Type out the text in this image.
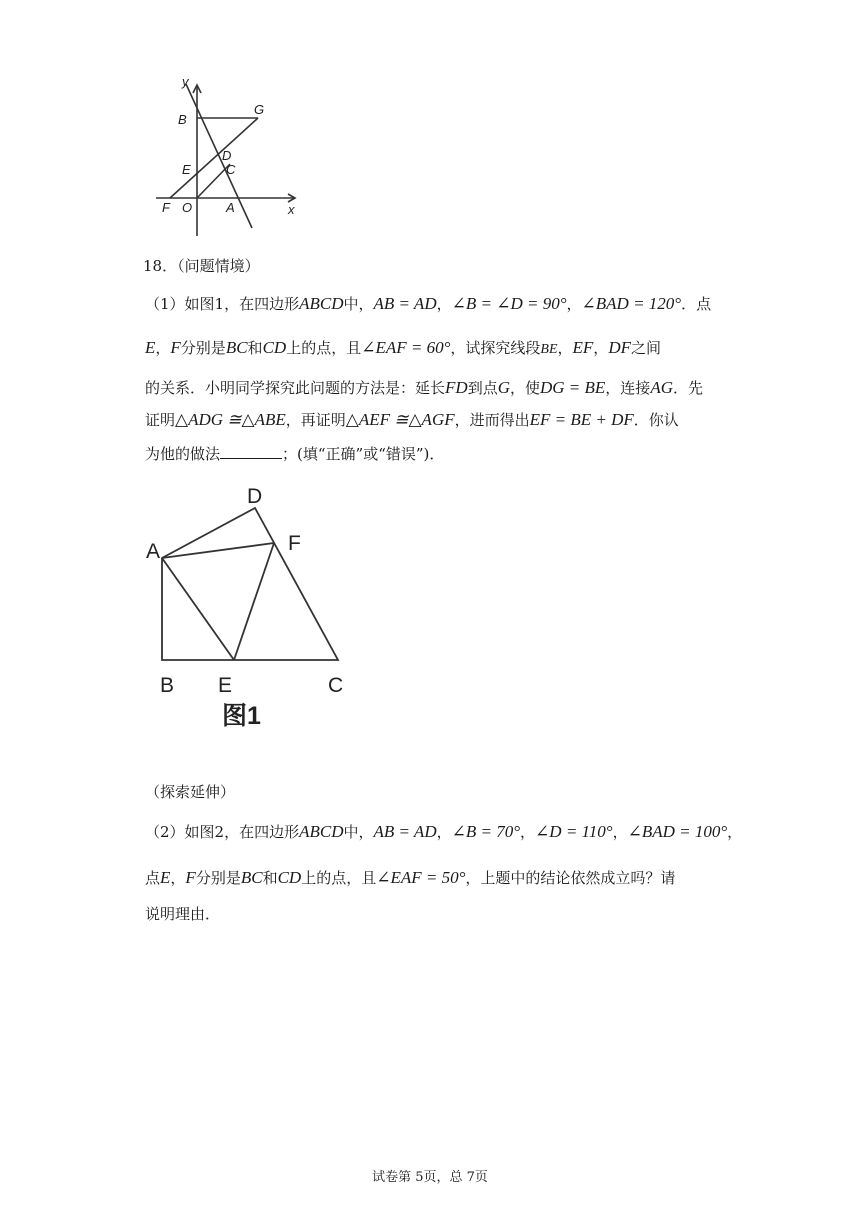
y
B
G
D
E	C
F O	A	x
18．（问题情境）
（1）如图1，在四边形ABCD中，AB = AD，∠B = ∠D = 90°，∠BAD = 120°．点
E，F分别是BC和CD上的点，且∠EAF = 60°，试探究线段BE，EF，DF之间
的关系．小明同学探究此问题的方法是：延长FD到点G，使DG = BE，连接AG．先
证明△ADG ≅△ABE，再证明△AEF ≅△AGF，进而得出EF = BE + DF．你认
为他的做法	；(填“正确”或“错误”)．
D
A	F
B E	C
图1
（探索延伸）
（2）如图2，在四边形ABCD中，AB = AD，∠B = 70°，∠D = 110°，∠BAD = 100°，
点E，F分别是BC和CD上的点，且∠EAF = 50°，上题中的结论依然成立吗？请
说明理由．
试卷第 5页，总 7页
